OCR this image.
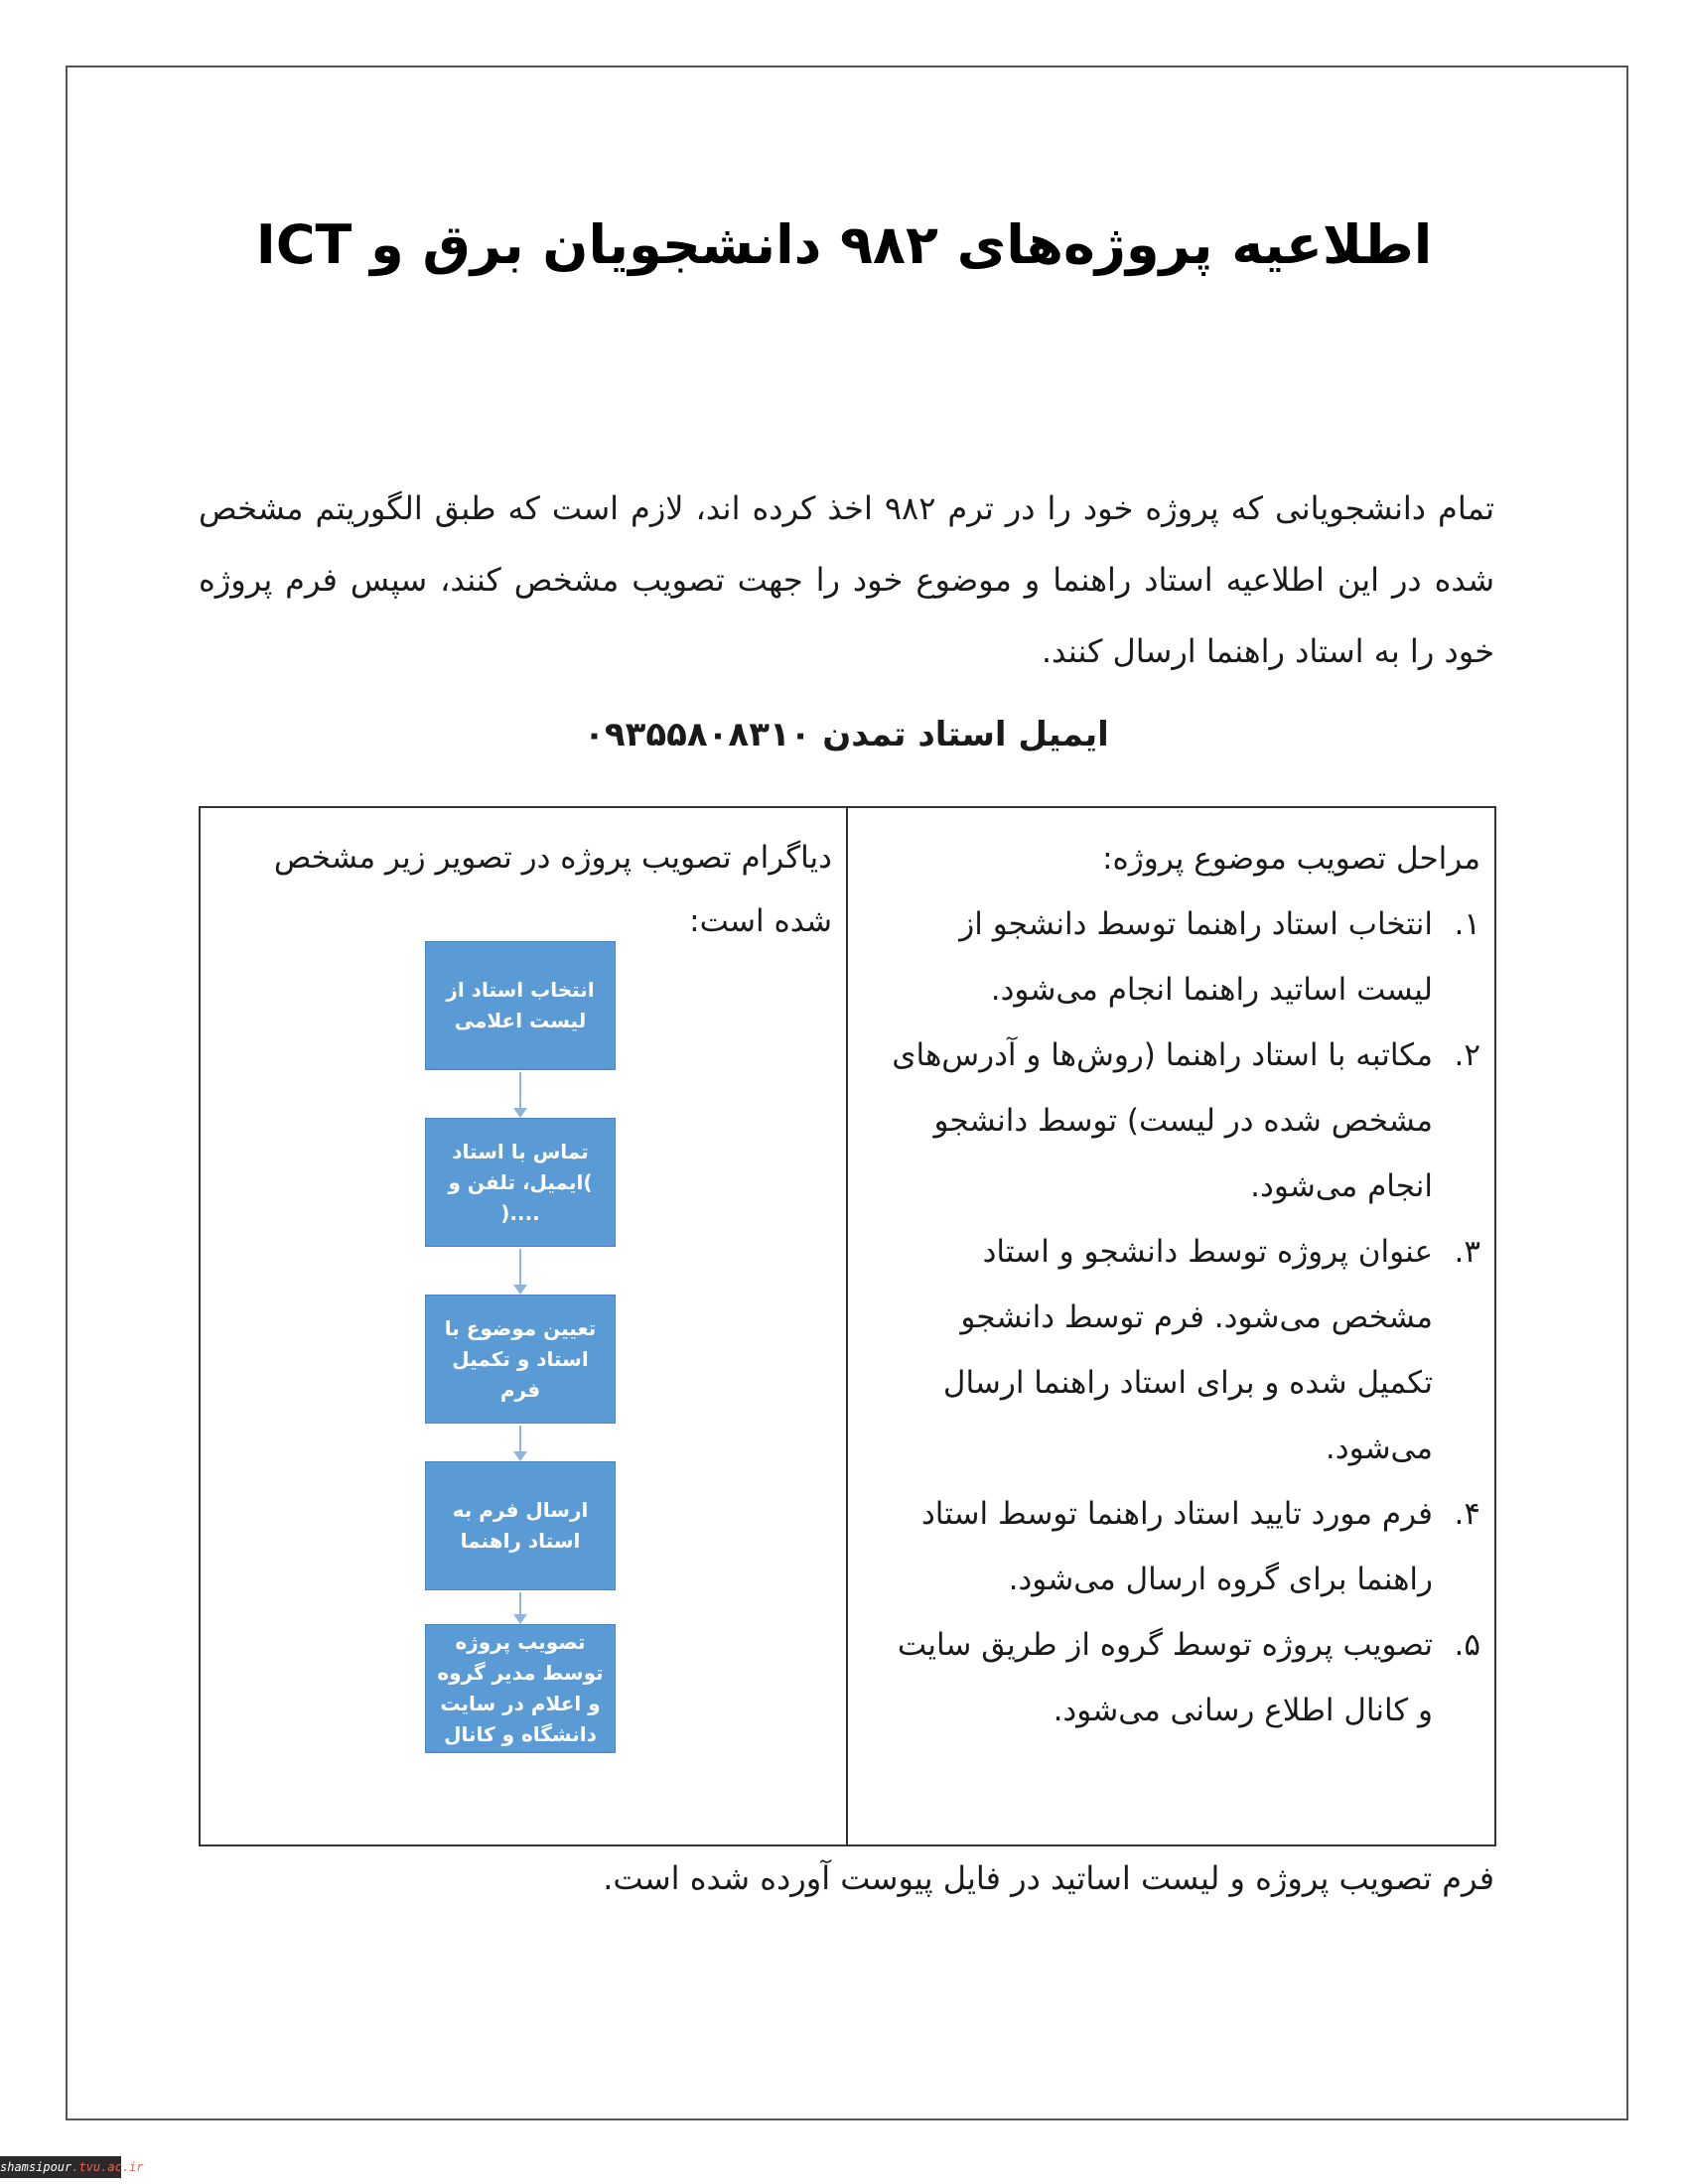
اطلاعیه پروژه‌های ۹۸۲ دانشجویان برق و ICT

تمام دانشجویانی که پروژه خود را در ترم ۹۸۲ اخذ کرده اند، لازم است که طبق الگوریتم مشخص شده در این اطلاعیه استاد راهنما و موضوع خود را جهت تصویب مشخص کنند، سپس فرم پروژه خود را به استاد راهنما ارسال کنند.

ایمیل استاد تمدن ۰۹۳۵۵۸۰۸۳۱۰

مراحل تصویب موضوع پروژه:

۱.
انتخاب استاد راهنما توسط دانشجو از لیست اساتید راهنما انجام می‌شود.
۲.
مکاتبه با استاد راهنما (روش‌ها و آدرس‌های مشخص شده در لیست) توسط دانشجو انجام می‌شود.
۳.
عنوان پروژه توسط دانشجو و استاد مشخص می‌شود. فرم توسط دانشجو تکمیل شده و برای استاد راهنما ارسال می‌شود.
۴.
فرم مورد تایید استاد راهنما توسط استاد راهنما برای گروه ارسال می‌شود.
۵.
تصویب پروژه توسط گروه از طریق سایت و کانال اطلاع رسانی می‌شود.

دیاگرام تصویب پروژه در تصویر زیر مشخص شده است:

انتخاب استاد از لیست اعلامی
تماس با استاد )ایمیل، تلفن و ....(
تعیین موضوع با استاد و تکمیل فرم
ارسال فرم به استاد راهنما
تصویب پروژه توسط مدیر گروه و اعلام در سایت دانشگاه و کانال

فرم تصویب پروژه و لیست اساتید در فایل پیوست آورده شده است.

shamsipour.tvu.ac.ir
